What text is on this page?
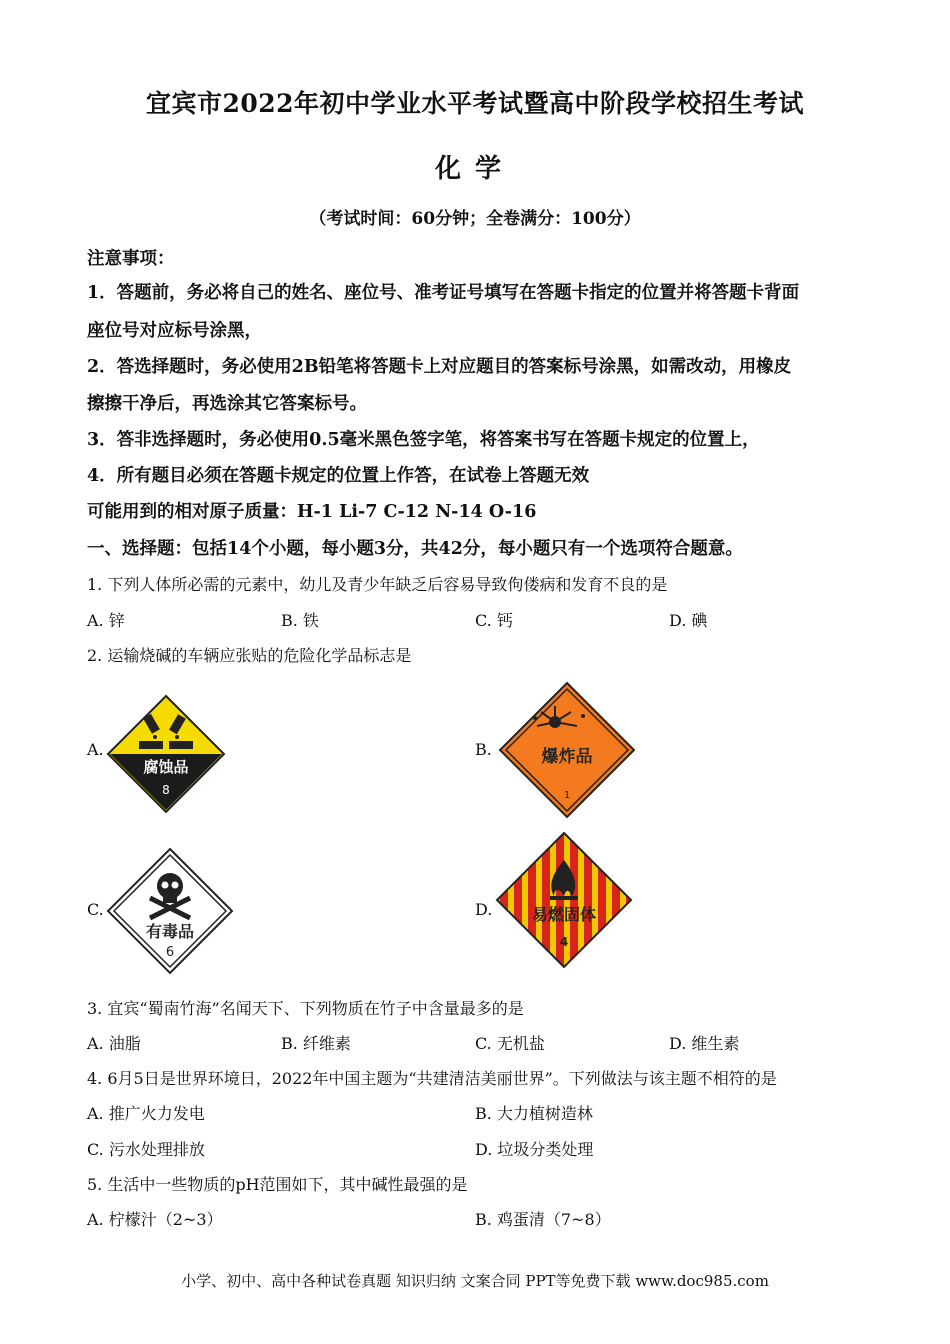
宜宾市2022年初中学业水平考试暨高中阶段学校招生考试
化学
（考试时间：60分钟；全卷满分：100分）
注意事项：
1．答题前，务必将自己的姓名、座位号、准考证号填写在答题卡指定的位置并将答题卡背面
座位号对应标号涂黑，
2．答选择题时，务必使用2B铅笔将答题卡上对应题目的答案标号涂黑，如需改动，用橡皮
擦擦干净后，再选涂其它答案标号。
3．答非选择题时，务必使用0.5毫米黑色签字笔，将答案书写在答题卡规定的位置上，
4．所有题目必须在答题卡规定的位置上作答，在试卷上答题无效
可能用到的相对原子质量：H-1 Li-7 C-12 N-14 O-16
一、选择题：包括14个小题，每小题3分，共42分，每小题只有一个选项符合题意。
1. 下列人体所必需的元素中，幼儿及青少年缺乏后容易导致佝偻病和发育不良的是
A. 锌	B. 铁	C. 钙	D. 碘
2. 运输烧碱的车辆应张贴的危险化学品标志是
A.
腐蚀品
8
B.	爆炸品
1
C.
有毒品
6
D. 易燃固体
4
3. 宜宾“蜀南竹海”名闻天下、下列物质在竹子中含量最多的是
A. 油脂	B. 纤维素	C. 无机盐	D. 维生素
4. 6月5日是世界环境日，2022年中国主题为“共建清洁美丽世界”。下列做法与该主题不相符的是
A. 推广火力发电	B. 大力植树造林
C. 污水处理排放	D. 垃圾分类处理
5. 生活中一些物质的pH范围如下，其中碱性最强的是
A. 柠檬汁（2~3）	B. 鸡蛋清（7~8）
小学、初中、高中各种试卷真题 知识归纳 文案合同 PPT等免费下载 www.doc985.com
